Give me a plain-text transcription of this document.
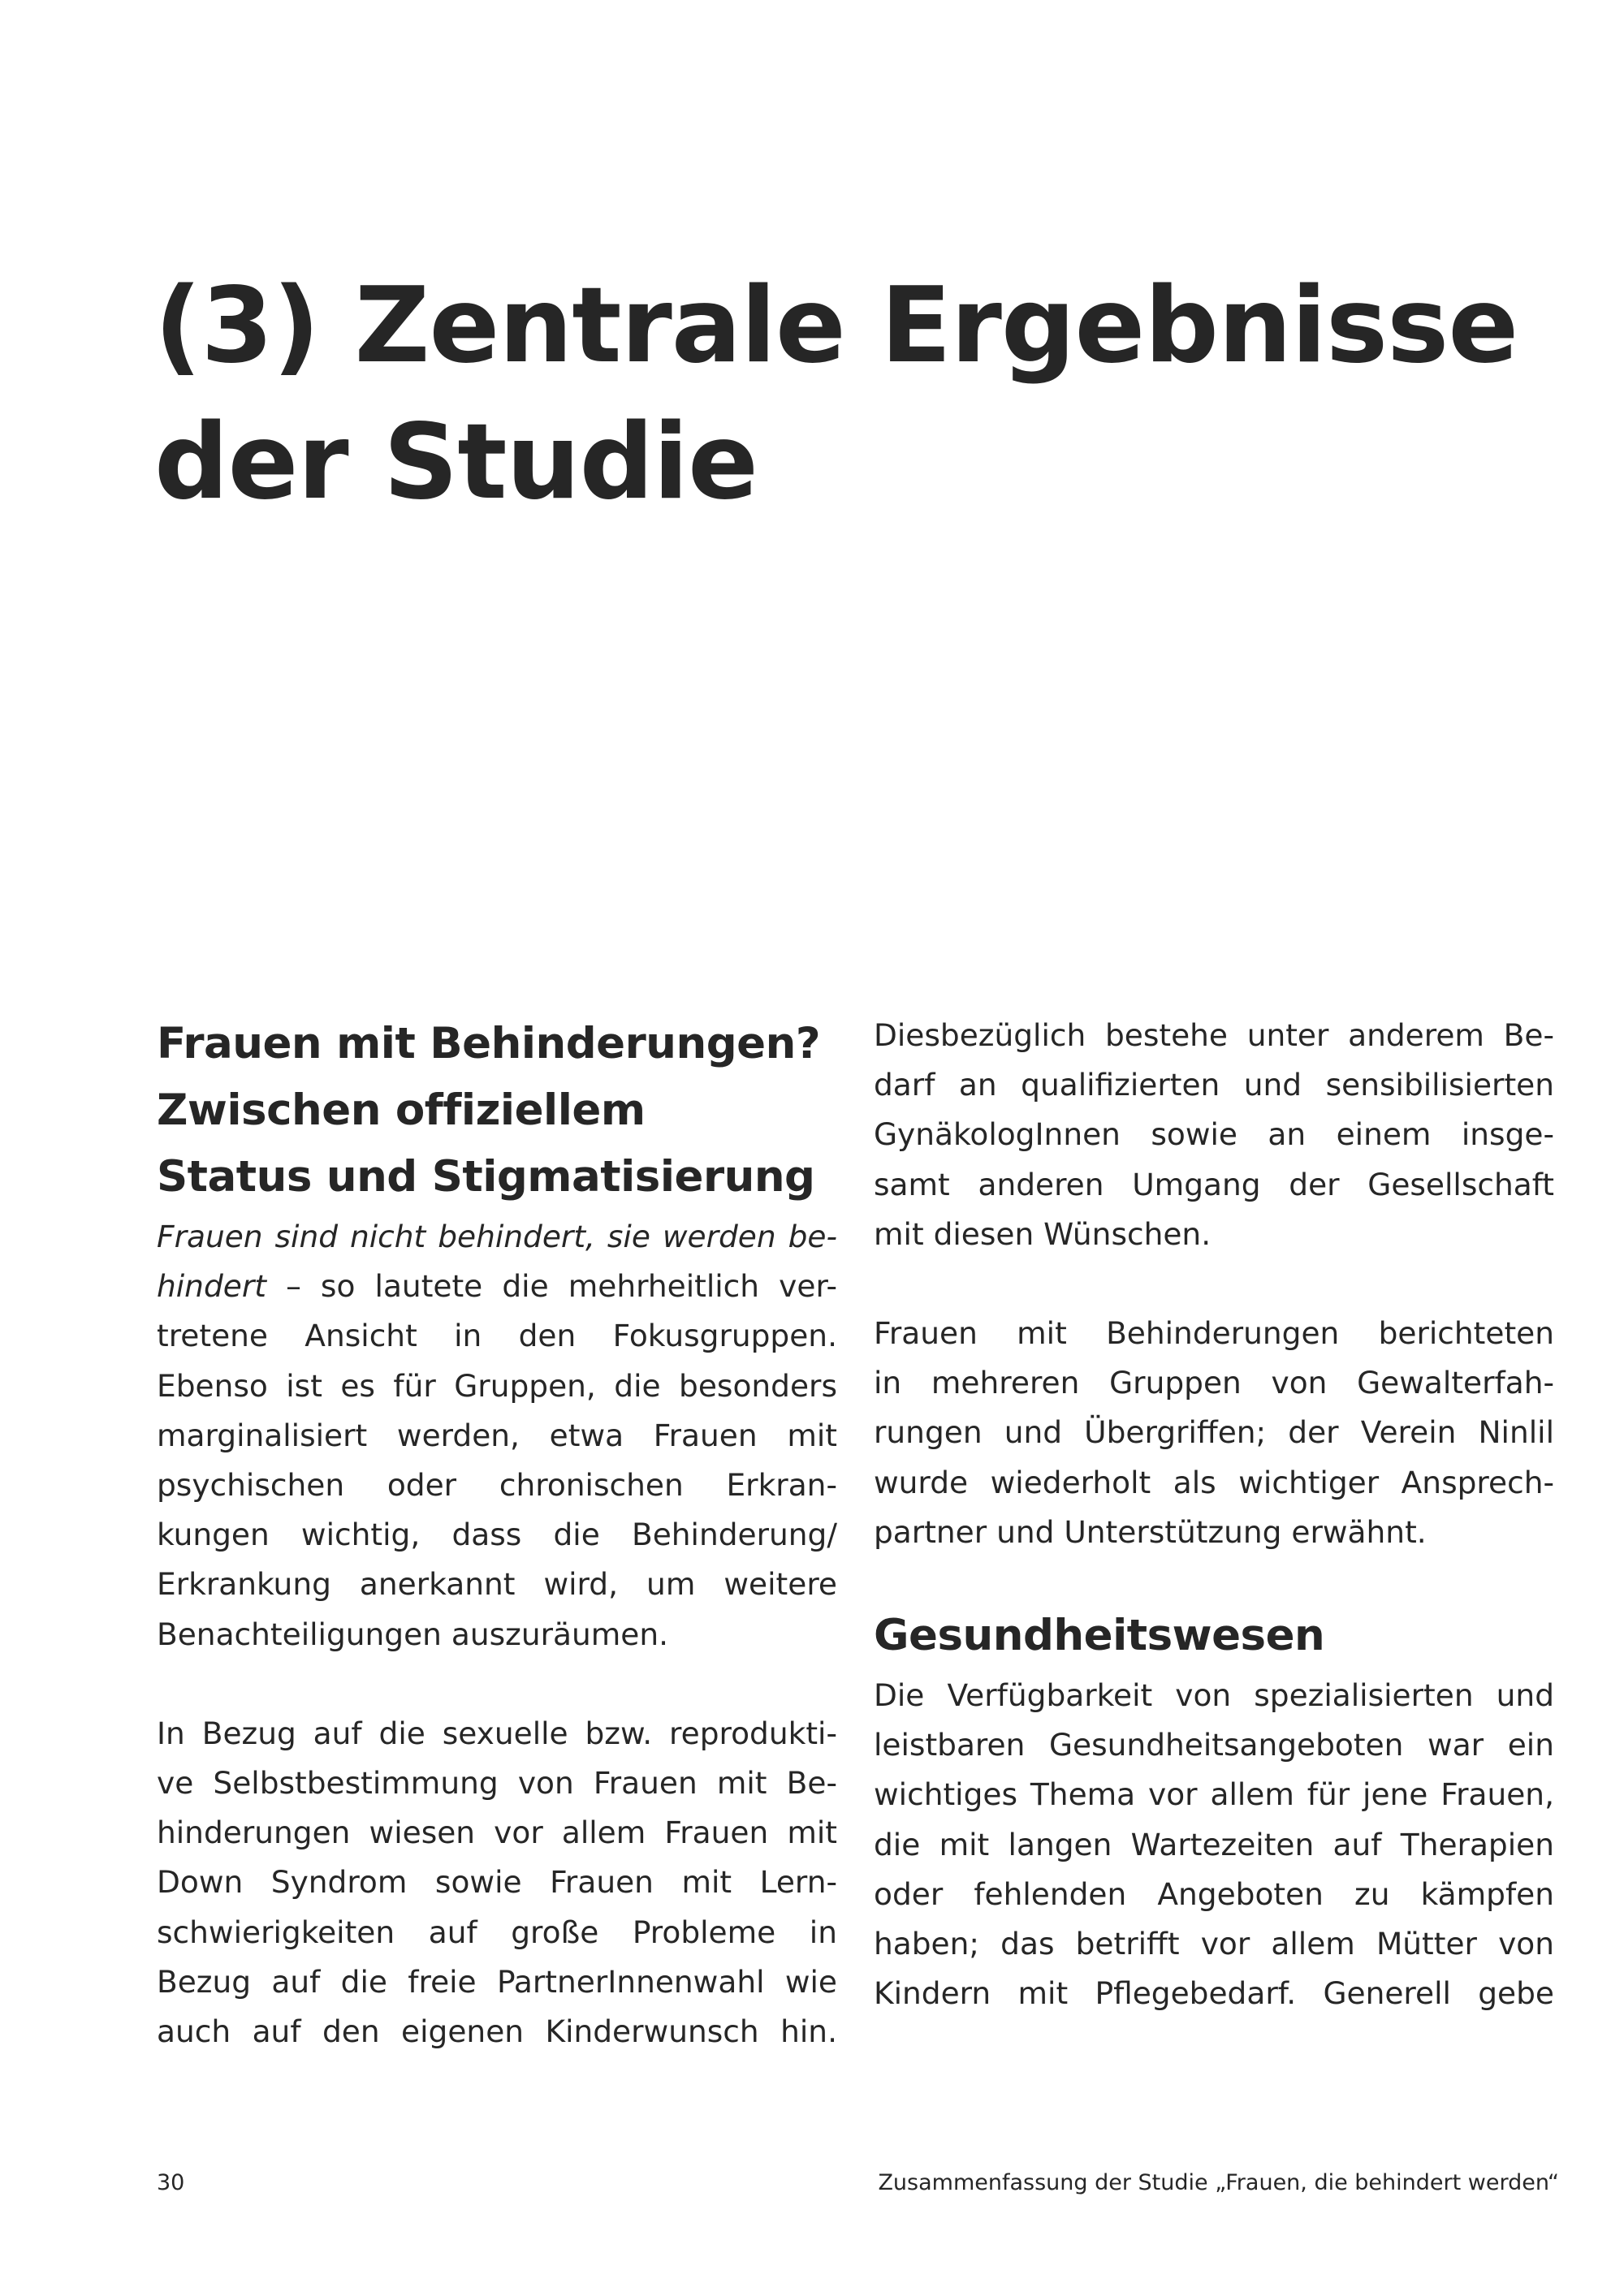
(3) Zentrale Ergebnisse
der Studie
Frauen mit Behinderungen?
Zwischen offiziellem
Status und Stigmatisierung

Frauen sind nicht behindert, sie werden be-
hindert – so lautete die mehrheitlich ver-
tretene Ansicht in den Fokusgruppen.
Ebenso ist es für Gruppen, die besonders
marginalisiert werden, etwa Frauen mit
psychischen oder chronischen Erkran-
kungen wichtig, dass die Behinderung/
Erkrankung anerkannt wird, um weitere
Benachteiligungen auszuräumen.

In Bezug auf die sexuelle bzw. reprodukti-
ve Selbstbestimmung von Frauen mit Be-
hinderungen wiesen vor allem Frauen mit
Down Syndrom sowie Frauen mit Lern-
schwierigkeiten auf große Probleme in
Bezug auf die freie PartnerInnenwahl wie
auch auf den eigenen Kinderwunsch hin.

Diesbezüglich bestehe unter anderem Be-
darf an qualifizierten und sensibilisierten
GynäkologInnen sowie an einem insge-
samt anderen Umgang der Gesellschaft
mit diesen Wünschen.

Frauen mit Behinderungen berichteten
in mehreren Gruppen von Gewalterfah-
rungen und Übergriffen; der Verein Ninlil
wurde wiederholt als wichtiger Ansprech-
partner und Unterstützung erwähnt.

Gesundheitswesen

Die Verfügbarkeit von spezialisierten und
leistbaren Gesundheitsangeboten war ein
wichtiges Thema vor allem für jene Frauen,
die mit langen Wartezeiten auf Therapien
oder fehlenden Angeboten zu kämpfen
haben; das betrifft vor allem Mütter von
Kindern mit Pflegebedarf. Generell gebe

30	Zusammenfassung der Studie „Frauen, die behindert werden“
